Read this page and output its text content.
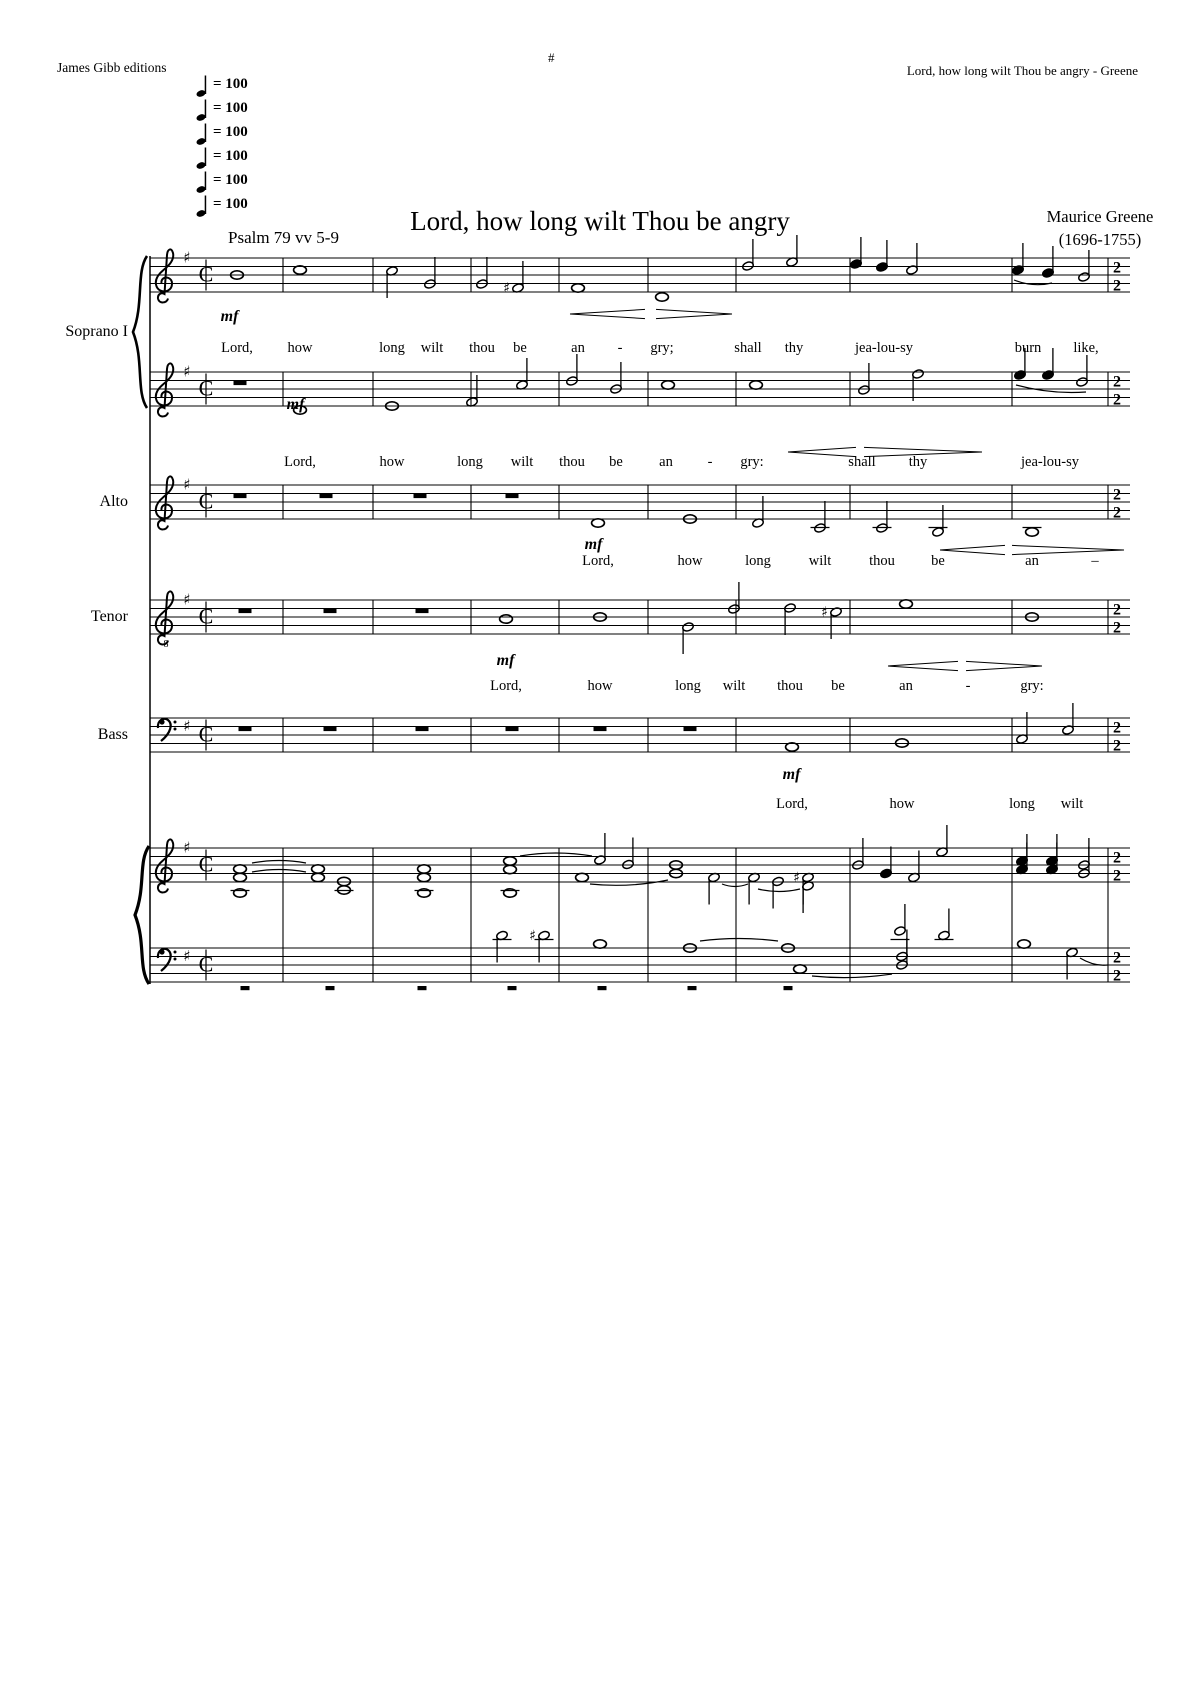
James Gibb editions
#
Lord, how long wilt Thou be angry - Greene
= 100
= 100
= 100
= 100
= 100
= 100
Psalm 79 vv 5-9
Lord, how long wilt Thou be angry	Maurice Greene
(1696-1755)
♯
C	2
2
♯
♯
C	2
2
♯
C	2
2
8
♯
C	2
2
♯
♯ C	2
2
♯
C	2
2
♯
♯ C	2
2
♯
Soprano I
Alto
Tenor
Bass
mf
Lord, how	long wilt thou be	an - gry;	shall thy	jea-lou-sy	burn like,
mf
Lord,	how	long wilt thou be	an - gry:	shall thy	jea-lou-sy
mf
Lord,	how	long	wilt	thou	be	an	–
mf
Lord,	how	long wilt thou be	an	-	gry:
mf
Lord,	how	long wilt
